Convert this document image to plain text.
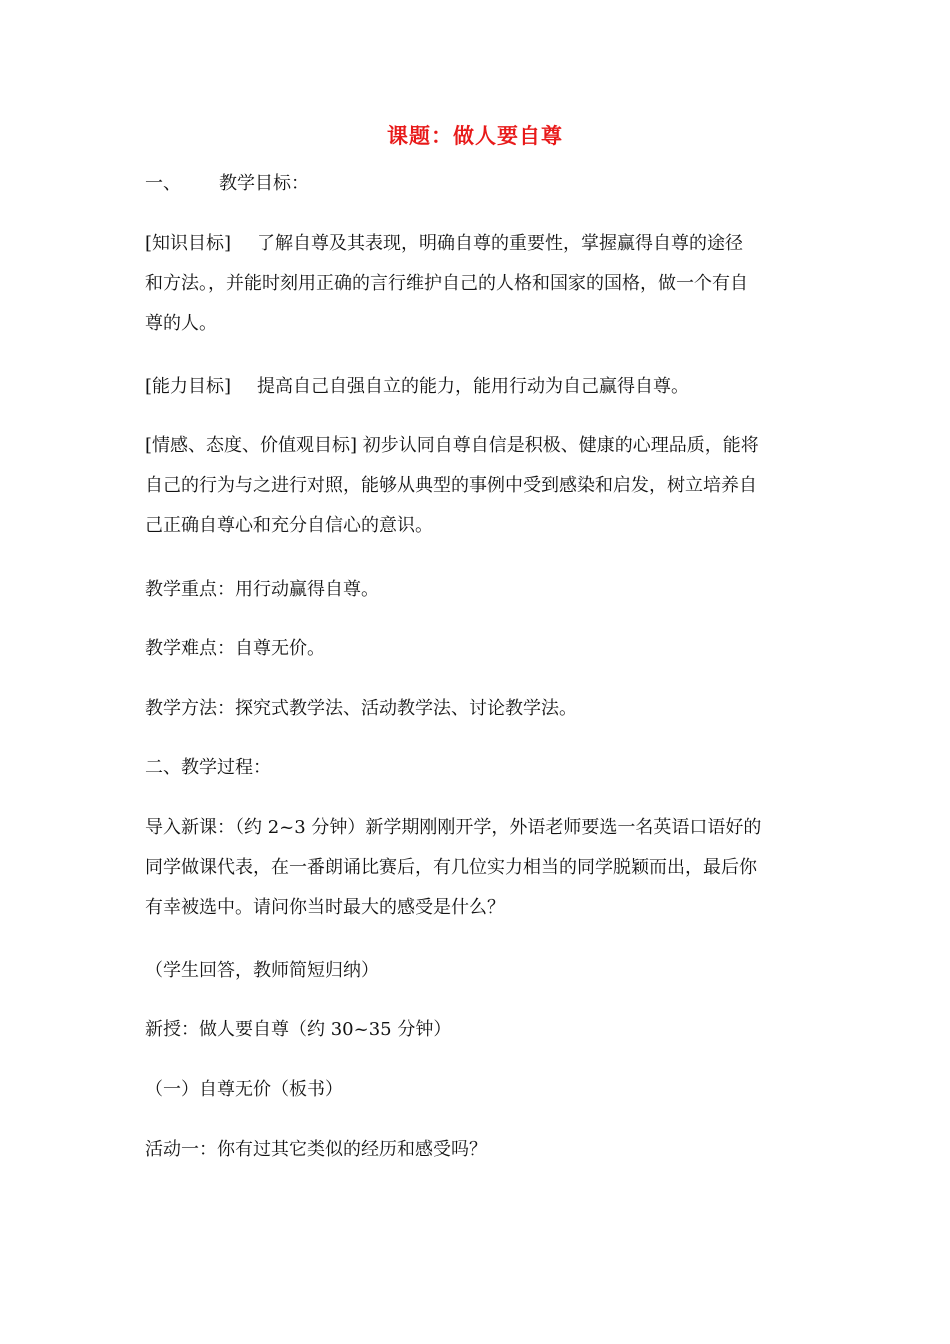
课题：做人要自尊
一、 教学目标：
[知识目标] 了解自尊及其表现，明确自尊的重要性，掌握赢得自尊的途径
和方法。，并能时刻用正确的言行维护自己的人格和国家的国格，做一个有自
尊的人。
[能力目标] 提高自己自强自立的能力，能用行动为自己赢得自尊。
[情感、态度、价值观目标] 初步认同自尊自信是积极、健康的心理品质，能将
自己的行为与之进行对照，能够从典型的事例中受到感染和启发，树立培养自
己正确自尊心和充分自信心的意识。
教学重点：用行动赢得自尊。
教学难点：自尊无价。
教学方法：探究式教学法、活动教学法、讨论教学法。
二、教学过程：
导入新课：（约 2~3 分钟）新学期刚刚开学，外语老师要选一名英语口语好的
同学做课代表，在一番朗诵比赛后，有几位实力相当的同学脱颖而出，最后你
有幸被选中。请问你当时最大的感受是什么？
（学生回答，教师简短归纳）
新授：做人要自尊（约 30~35 分钟）
（一）自尊无价（板书）
活动一：你有过其它类似的经历和感受吗？
